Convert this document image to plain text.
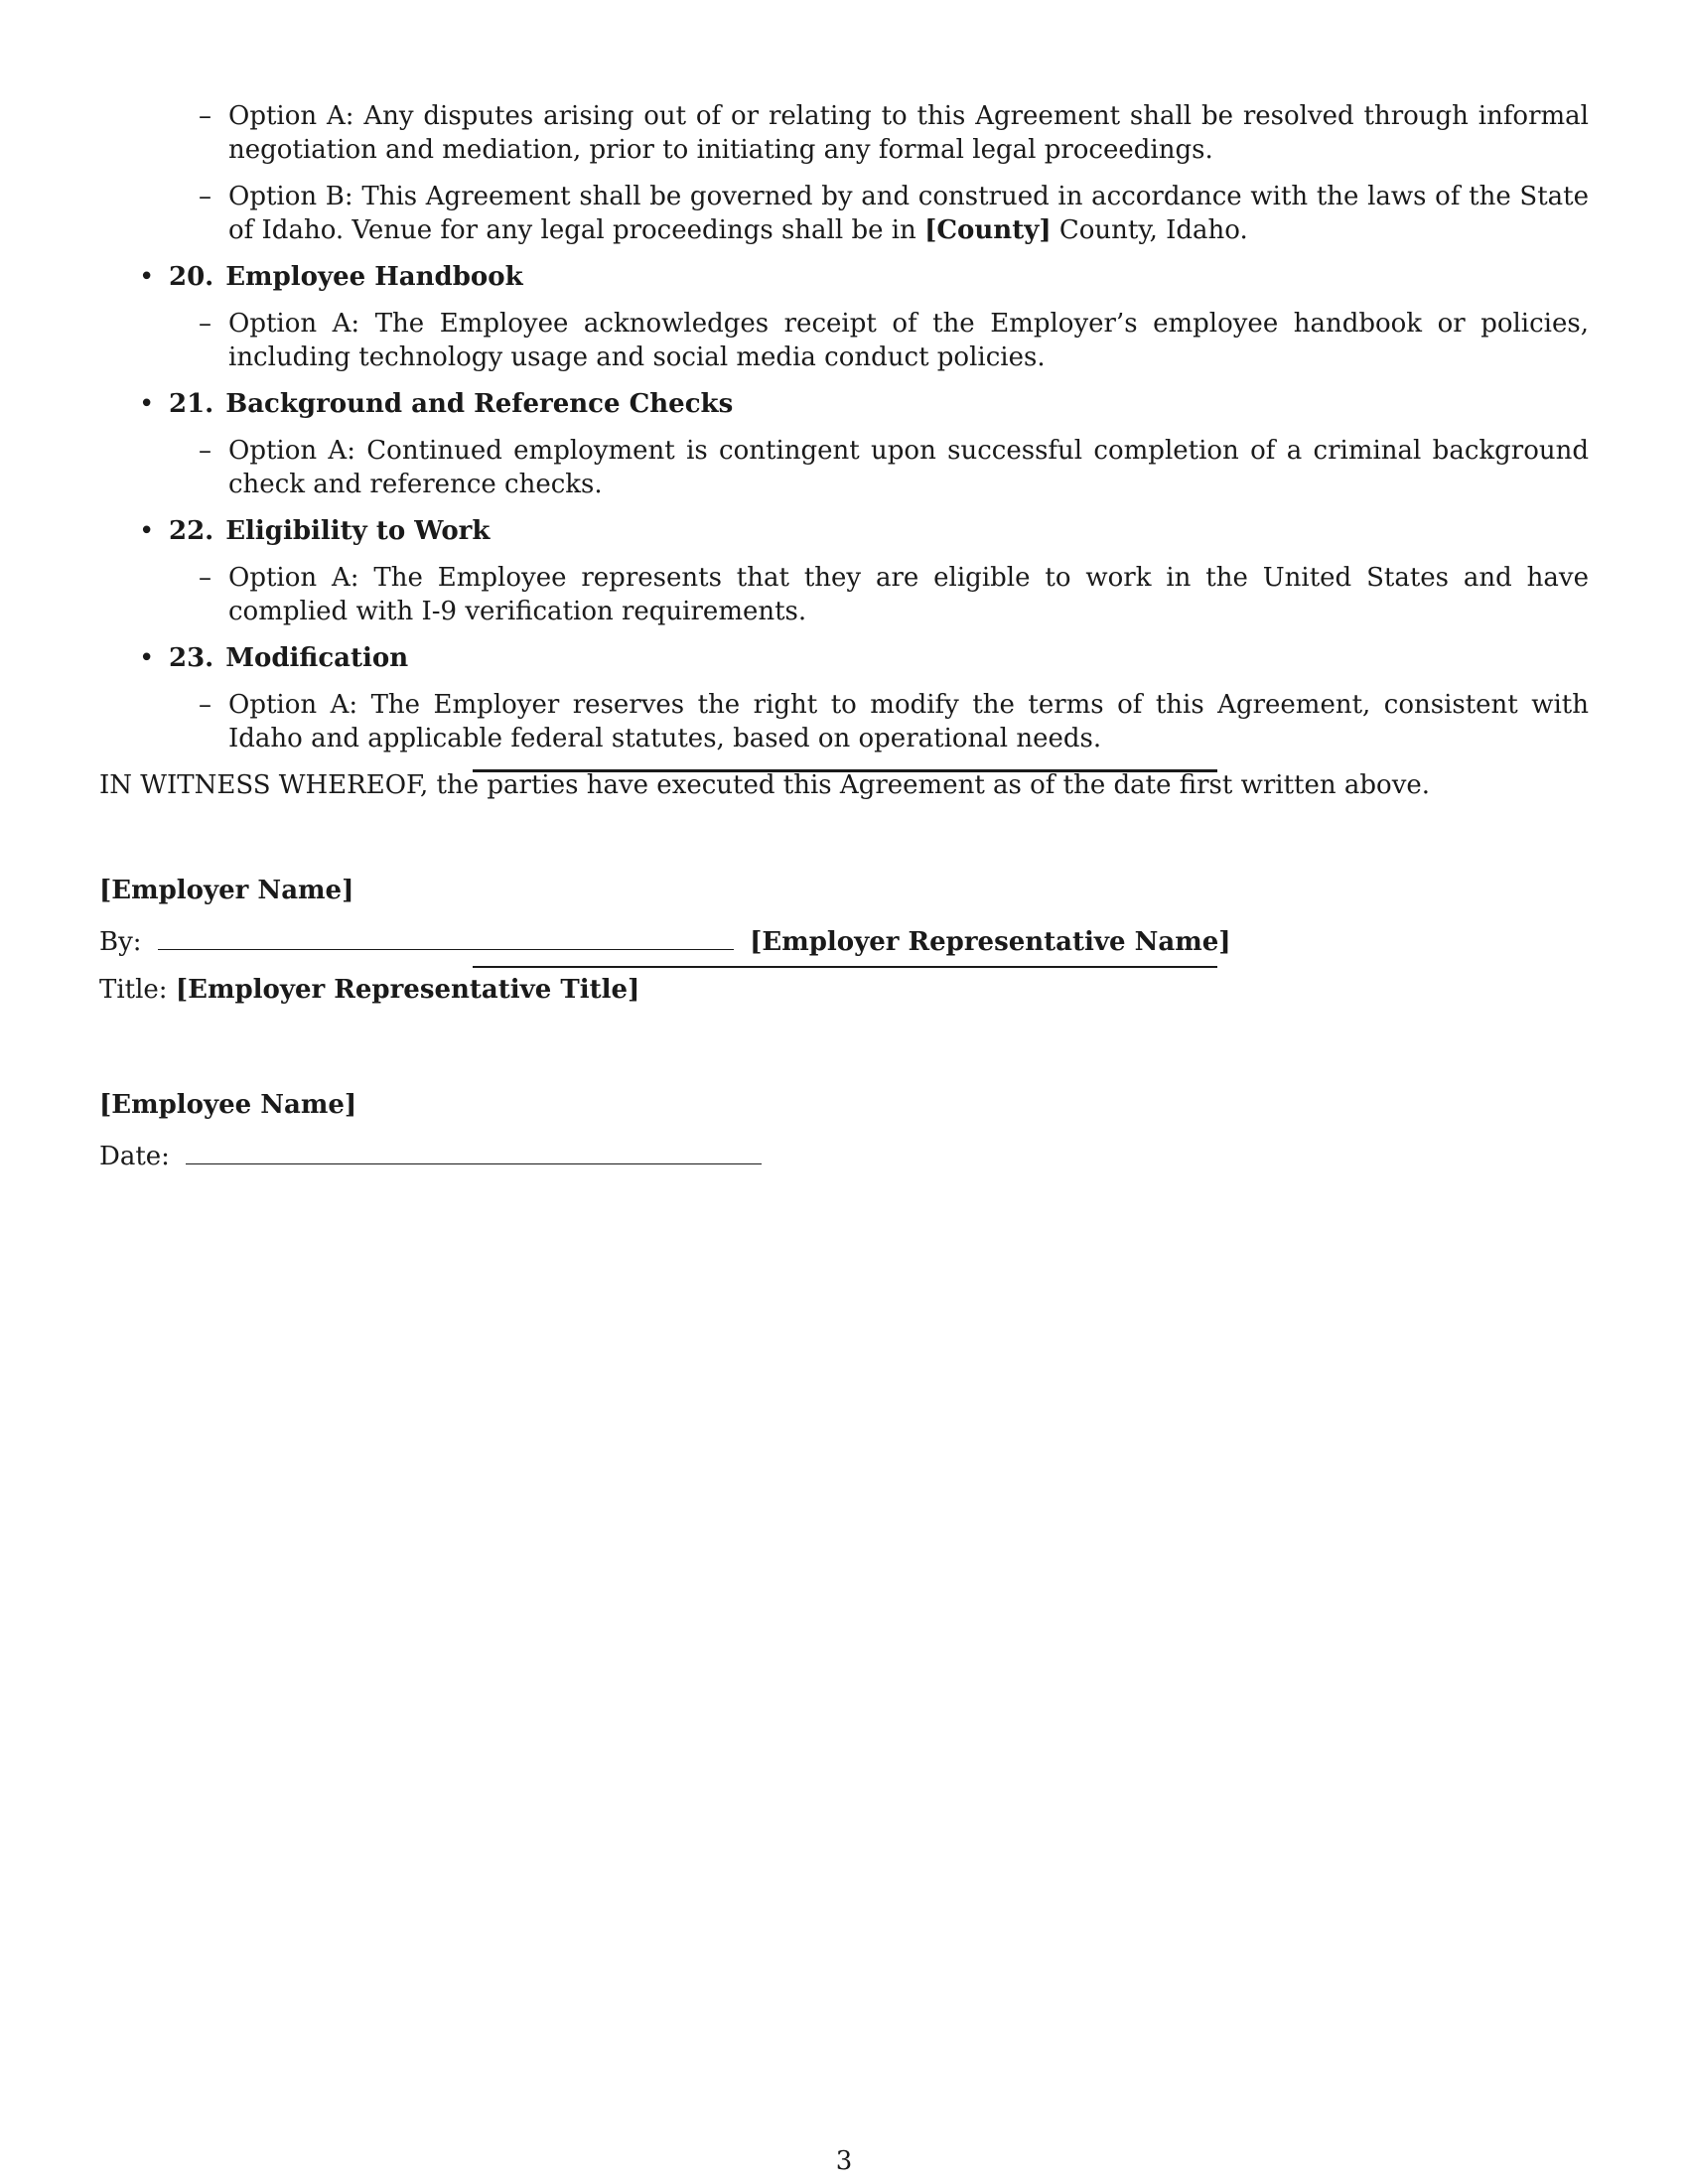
– Option A: Any disputes arising out of or relating to this Agreement shall be resolved through informal negotiation and mediation, prior to initiating any formal legal proceedings.
– Option B: This Agreement shall be governed by and construed in accordance with the laws of the State of Idaho. Venue for any legal proceedings shall be in [County] County, Idaho.
• 20. Employee Handbook
– Option A: The Employee acknowledges receipt of the Employer’s employee handbook or policies, including technology usage and social media conduct policies.
• 21. Background and Reference Checks
– Option A: Continued employment is contingent upon successful completion of a criminal background check and reference checks.
• 22. Eligibility to Work
– Option A: The Employee represents that they are eligible to work in the United States and have complied with I-9 verification requirements.
• 23. Modification
– Option A: The Employer reserves the right to modify the terms of this Agreement, consistent with Idaho and applicable federal statutes, based on operational needs.
IN WITNESS WHEREOF, the parties have executed this Agreement as of the date first written above.
[Employer Name]
By:	[Employer Representative Name]
Title: [Employer Representative Title]
[Employee Name]
Date:
3
